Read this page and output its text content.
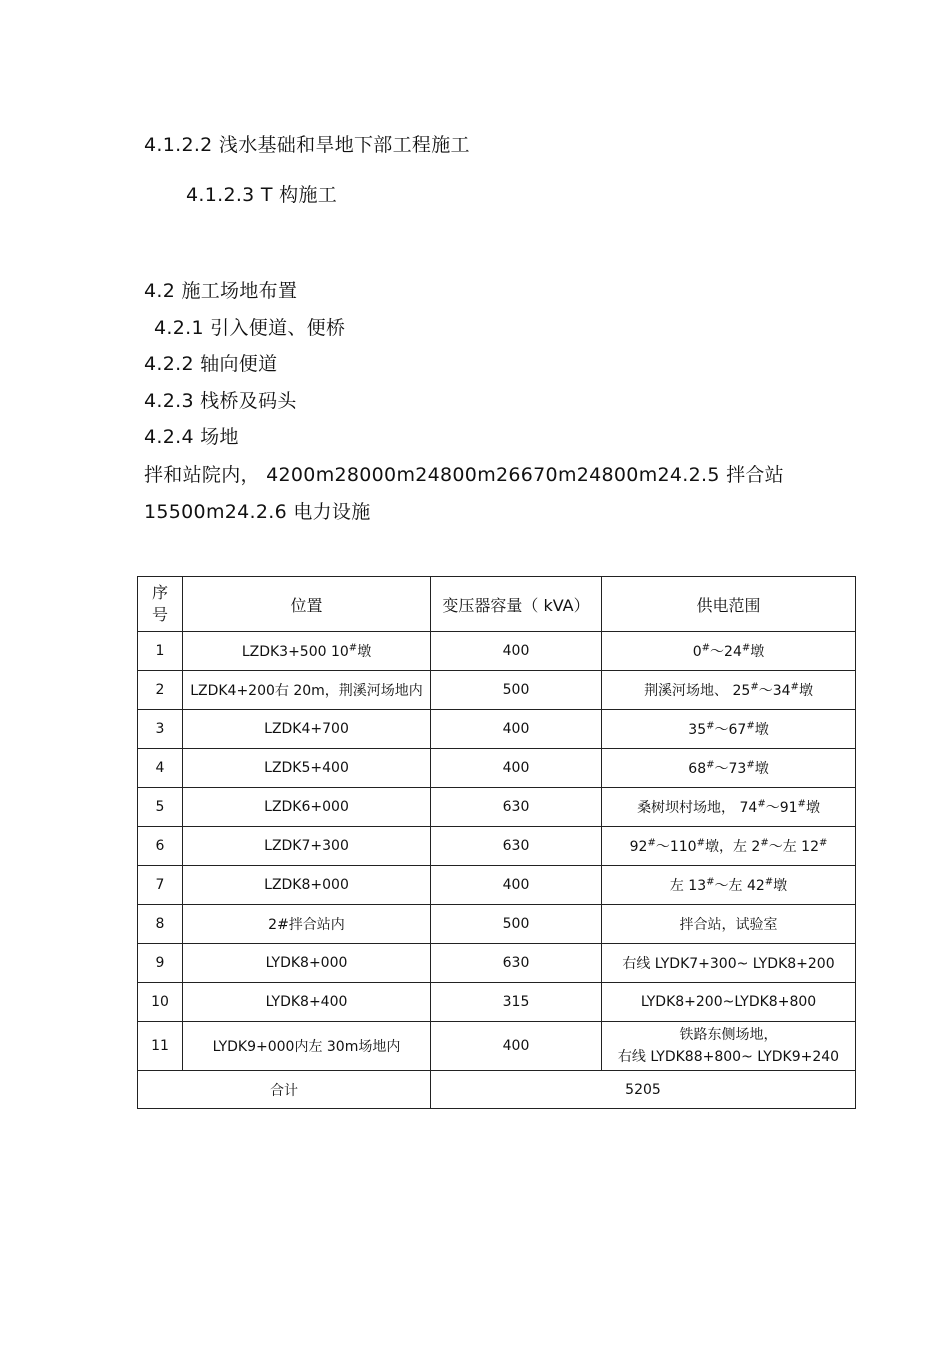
4.1.2.2 浅水基础和旱地下部工程施工
4.1.2.3 T 构施工
4.2 施工场地布置
4.2.1 引入便道、便桥
4.2.2 轴向便道
4.2.3 栈桥及码头
4.2.4 场地
拌和站院内， 4200m28000m24800m26670m24800m24.2.5 拌合站
15500m24.2.6 电力设施
序
号	位置	变压器容量（ kVA）	供电范围
1	LZDK3+500 10#墩	400	0#～24#墩
2	LZDK4+200右 20m，荆溪河场地内	500	荆溪河场地、 25#～34#墩
3	LZDK4+700	400	35#～67#墩
4	LZDK5+400	400	68#～73#墩
5	LZDK6+000	630	桑树坝村场地， 74#～91#墩
6	LZDK7+300	630	92#～110#墩，左 2#～左 12#
7	LZDK8+000	400	左 13#～左 42#墩
8	2#拌合站内	500	拌合站，试验室
9	LYDK8+000	630	右线 LYDK7+300~ LYDK8+200
10	LYDK8+400	315	LYDK8+200~LYDK8+800
11	LYDK9+000内左 30m场地内	400	铁路东侧场地，
右线 LYDK88+800~ LYDK9+240

合计		5205	
